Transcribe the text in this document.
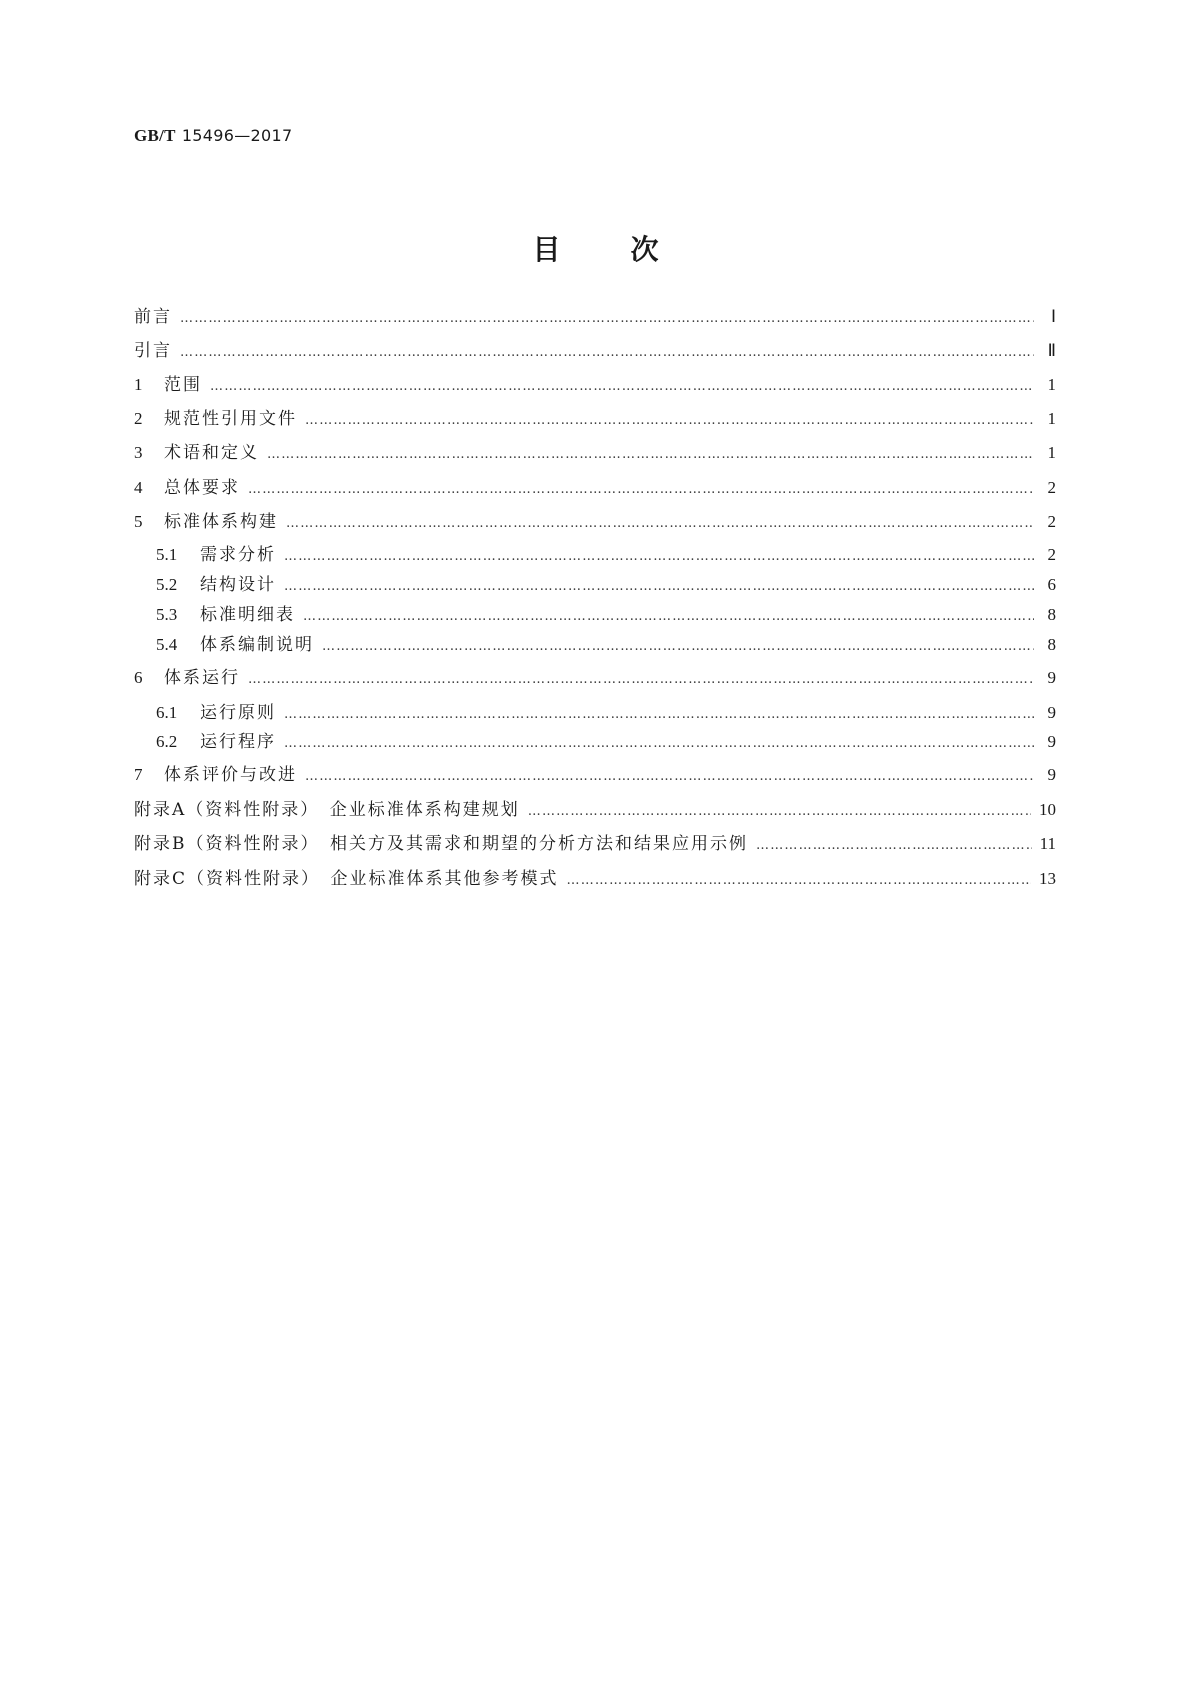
GB/T 15496—2017
目	次
前言 ………………………………………………………………………………………………………………………………………………………………………………………………………………	Ⅰ
引言 ………………………………………………………………………………………………………………………………………………………………………………………………………………	Ⅱ
1	范围 ………………………………………………………………………………………………………………………………………………………………………………………………………………	1
2	规范性引用文件 ………………………………………………………………………………………………………………………………………………………………………………………………………………	1
3	术语和定义 ………………………………………………………………………………………………………………………………………………………………………………………………………………	1
4	总体要求 ………………………………………………………………………………………………………………………………………………………………………………………………………………	2
5	标准体系构建 ………………………………………………………………………………………………………………………………………………………………………………………………………………	2
5.1	需求分析 ………………………………………………………………………………………………………………………………………………………………………………………………………………	2
5.2	结构设计 ………………………………………………………………………………………………………………………………………………………………………………………………………………	6
5.3	标准明细表 ………………………………………………………………………………………………………………………………………………………………………………………………………………	8
5.4	体系编制说明 ………………………………………………………………………………………………………………………………………………………………………………………………………………	8
6	体系运行 ………………………………………………………………………………………………………………………………………………………………………………………………………………	9
6.1	运行原则 ………………………………………………………………………………………………………………………………………………………………………………………………………………	9
6.2	运行程序 ………………………………………………………………………………………………………………………………………………………………………………………………………………	9
7	体系评价与改进 ………………………………………………………………………………………………………………………………………………………………………………………………………………	9
附录A（资料性附录）　企业标准体系构建规划 ………………………………………………………………………………………………………………………………………………………………………………………………………………	10
附录B（资料性附录）　相关方及其需求和期望的分析方法和结果应用示例 ………………………………………………………………………………………………………………………………………………………………………………………………………………	11
附录C（资料性附录）　企业标准体系其他参考模式 ………………………………………………………………………………………………………………………………………………………………………………………………………………	13
